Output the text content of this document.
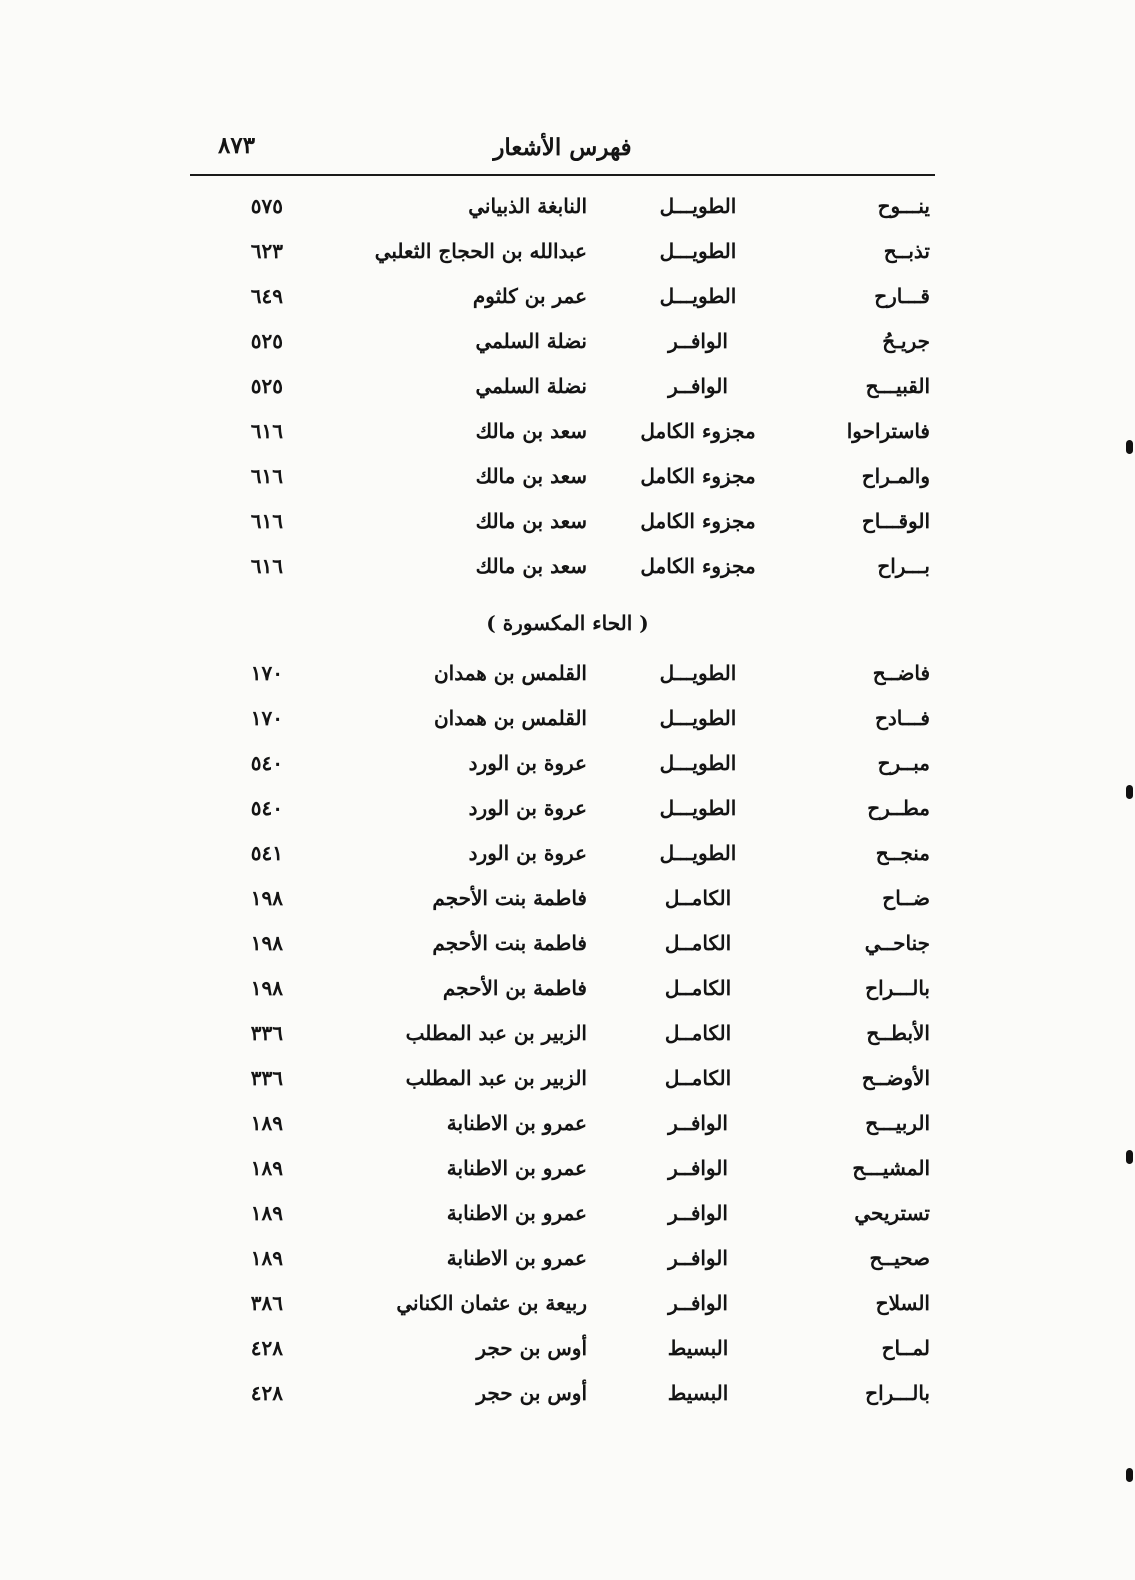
فهرس الأشعار
٨٧٣
ينـــوح
الطويـــل
النابغة الذبياني
٥٧٥
تذبــح
الطويـــل
عبدالله بن الحجاج الثعلبي
٦٢٣
قـــارح
الطويـــل
عمر بن كلثوم
٦٤٩
جريـحُ
الوافــر
نضلة السلمي
٥٢٥
القبيـــح
الوافــر
نضلة السلمي
٥٢٥
فاستراحوا
مجزوء الكامل
سعد بن مالك
٦١٦
والمـراح
مجزوء الكامل
سعد بن مالك
٦١٦
الوقـــاح
مجزوء الكامل
سعد بن مالك
٦١٦
بـــراح
مجزوء الكامل
سعد بن مالك
٦١٦
( الحاء المكسورة )
فاضــح
الطويـــل
القلمس بن همدان
١٧٠
فـــادح
الطويـــل
القلمس بن همدان
١٧٠
مبــرح
الطويـــل
عروة بن الورد
٥٤٠
مطــرح
الطويـــل
عروة بن الورد
٥٤٠
منجــح
الطويـــل
عروة بن الورد
٥٤١
ضــاح
الكامــل
فاطمة بنت الأحجم
١٩٨
جناحــي
الكامــل
فاطمة بنت الأحجم
١٩٨
بالـــراح
الكامــل
فاطمة بن الأحجم
١٩٨
الأبطــح
الكامــل
الزبير بن عبد المطلب
٣٣٦
الأوضــح
الكامــل
الزبير بن عبد المطلب
٣٣٦
الربيـــح
الوافــر
عمرو بن الاطنابة
١٨٩
المشيـــح
الوافــر
عمرو بن الاطنابة
١٨٩
تستريحي
الوافــر
عمرو بن الاطنابة
١٨٩
صحيــح
الوافــر
عمرو بن الاطنابة
١٨٩
السلاح
الوافــر
ربيعة بن عثمان الكناني
٣٨٦
لمــاح
البسيط
أوس بن حجر
٤٢٨
بالـــراح
البسيط
أوس بن حجر
٤٢٨
